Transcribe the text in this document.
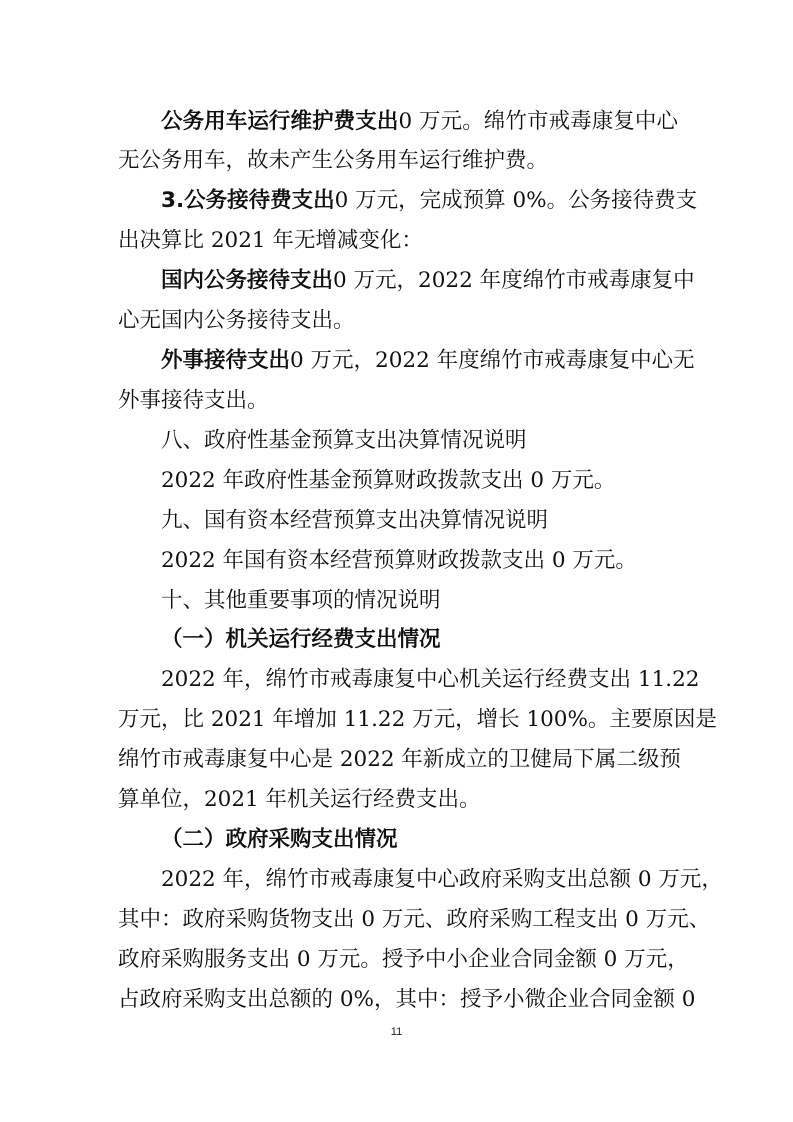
公务用车运行维护费支出0 万元。绵竹市戒毒康复中心
无公务用车，故未产生公务用车运行维护费。
3.公务接待费支出0 万元，完成预算 0%。公务接待费支
出决算比 2021 年无增减变化：
国内公务接待支出0 万元，2022 年度绵竹市戒毒康复中
心无国内公务接待支出。
外事接待支出0 万元，2022 年度绵竹市戒毒康复中心无
外事接待支出。
八、政府性基金预算支出决算情况说明
2022 年政府性基金预算财政拨款支出 0 万元。
九、国有资本经营预算支出决算情况说明
2022 年国有资本经营预算财政拨款支出 0 万元。
十、其他重要事项的情况说明
（一）机关运行经费支出情况
2022 年，绵竹市戒毒康复中心机关运行经费支出 11.22
万元，比 2021 年增加 11.22 万元，增长 100%。主要原因是
绵竹市戒毒康复中心是 2022 年新成立的卫健局下属二级预
算单位，2021 年机关运行经费支出。
（二）政府采购支出情况
2022 年，绵竹市戒毒康复中心政府采购支出总额 0 万元，
其中：政府采购货物支出 0 万元、政府采购工程支出 0 万元、
政府采购服务支出 0 万元。授予中小企业合同金额 0 万元，
占政府采购支出总额的 0%，其中：授予小微企业合同金额 0
11
